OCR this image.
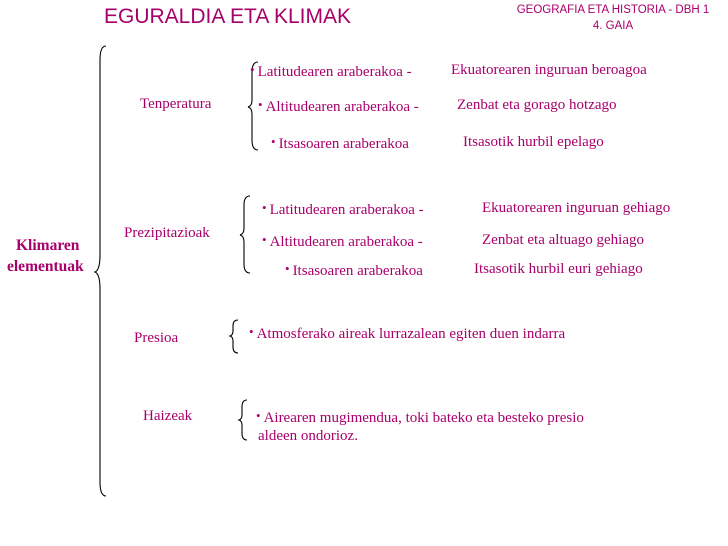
EGURALDIA ETA KLIMAK	GEOGRAFIA ETA HISTORIA - DBH 1
4. GAIA
Klimaren
elementuak
Tenperatura
• Latitudearen araberakoa -	Ekuatorearen inguruan beroagoa
• Altitudearen araberakoa -	Zenbat eta gorago hotzago
• Itsasoaren araberakoa	Itsasotik hurbil epelago
Prezipitazioak
• Latitudearen araberakoa -	Ekuatorearen inguruan gehiago
• Altitudearen araberakoa -	Zenbat eta altuago gehiago
• Itsasoaren araberakoa	Itsasotik hurbil euri gehiago
Presioa	• Atmosferako aireak lurrazalean egiten duen indarra
Haizeak	• Airearen mugimendua, toki bateko eta besteko presio
aldeen ondorioz.
